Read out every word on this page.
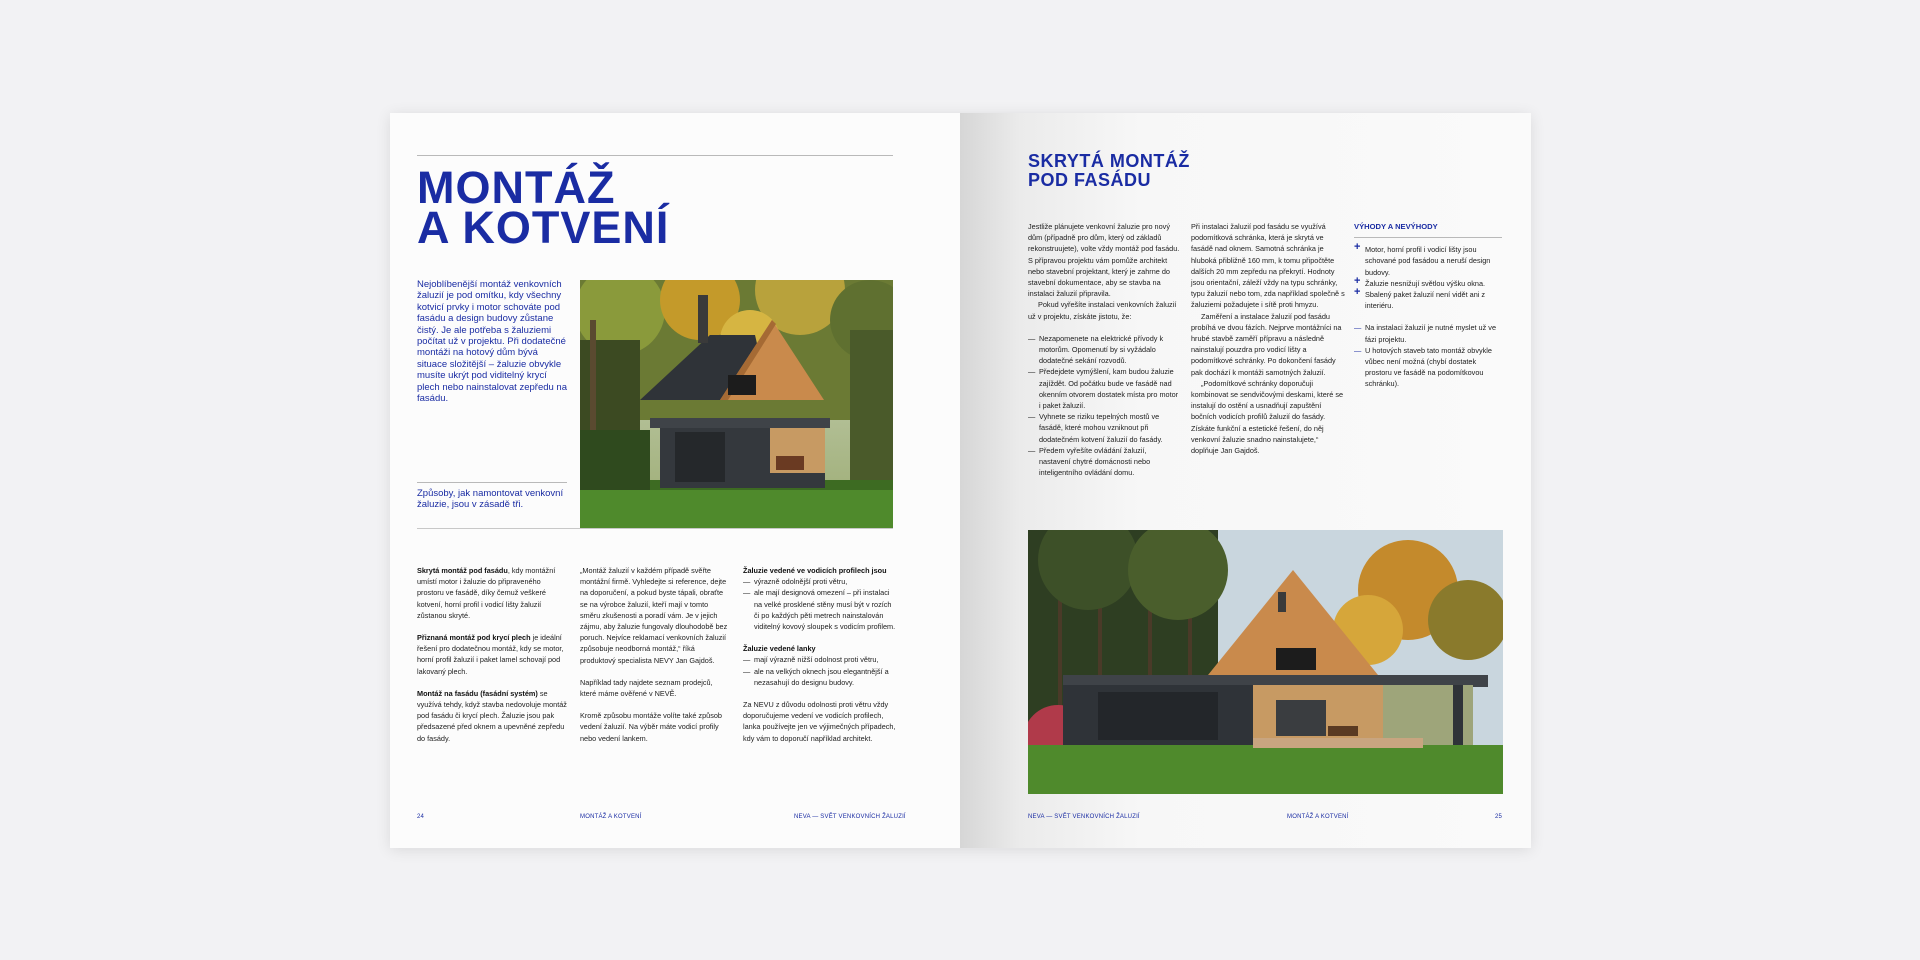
MONTÁŽ
A KOTVENÍ
Nejoblíbenější montáž venkovních žaluzií je pod omítku, kdy všechny kotvicí prvky i motor schováte pod fasádu a design budovy zůstane čistý. Je ale potřeba s žaluziemi počítat už v projektu. Při dodatečné montáži na hotový dům bývá situace složitější – žaluzie obvykle musíte ukrýt pod viditelný krycí plech nebo nainstalovat zepředu na fasádu.
Způsoby, jak namontovat venkovní žaluzie, jsou v zásadě tři.

Skrytá montáž pod fasádu, kdy montážní umístí motor i žaluzie do připraveného prostoru ve fasádě, díky čemuž veškeré kotvení, horní profil i vodicí lišty žaluzií zůstanou skryté.

Přiznaná montáž pod krycí plech je ideální řešení pro dodatečnou montáž, kdy se motor, horní profil žaluzií i paket lamel schovají pod lakovaný plech.

Montáž na fasádu (fasádní systém) se využívá tehdy, když stavba nedovoluje montáž pod fasádu či krycí plech. Žaluzie jsou pak předsazené před oknem a upevněné zepředu do fasády.

„Montáž žaluzií v každém případě svěřte montážní firmě. Vyhledejte si reference, dejte na doporučení, a pokud byste tápali, obraťte se na výrobce žaluzií, kteří mají v tomto směru zkušenosti a poradí vám. Je v jejich zájmu, aby žaluzie fungovaly dlouhodobě bez poruch. Nejvíce reklamací venkovních žaluzií způsobuje neodborná montáž,“ říká produktový specialista NEVY Jan Gajdoš.

Například tady najdete seznam prodejců, které máme ověřené v NEVĚ.

Kromě způsobu montáže volíte také způsob vedení žaluzií. Na výběr máte vodicí profily nebo vedení lankem.

Žaluzie vedené ve vodicích profilech jsou
— výrazně odolnější proti větru,
— ale mají designová omezení – při instalaci na velké prosklené stěny musí být v rozích či po každých pěti metrech nainstalován viditelný kovový sloupek s vodicím profilem.
Žaluzie vedené lanky
— mají výrazně nižší odolnost proti větru,
— ale na velkých oknech jsou elegantnější a nezasahují do designu budovy.

Za NEVU z důvodu odolnosti proti větru vždy doporučujeme vedení ve vodicích profilech, lanka používejte jen ve výjimečných případech, kdy vám to doporučí například architekt.

24	MONTÁŽ A KOTVENÍ	NEVA — SVĚT VENKOVNÍCH ŽALUZIÍ
SKRYTÁ MONTÁŽ
POD FASÁDU

Jestliže plánujete venkovní žaluzie pro nový dům (případně pro dům, který od základů rekonstruujete), volte vždy montáž pod fasádu. S přípravou projektu vám pomůže architekt nebo stavební projektant, který je zahrne do stavební dokumentace, aby se stavba na instalaci žaluzií připravila.

Pokud vyřešíte instalaci venkovních žaluzií už v projektu, získáte jistotu, že:

— Nezapomenete na elektrické přívody k motorům. Opomenutí by si vyžádalo dodatečné sekání rozvodů.
— Předejdete vymýšlení, kam budou žaluzie zajíždět. Od počátku bude ve fasádě nad okenním otvorem dostatek místa pro motor i paket žaluzií.
— Vyhnete se riziku tepelných mostů ve fasádě, které mohou vzniknout při dodatečném kotvení žaluzií do fasády.
— Předem vyřešíte ovládání žaluzií, nastavení chytré domácnosti nebo inteligentního ovládání domu.

Při instalaci žaluzií pod fasádu se využívá podomítková schránka, která je skrytá ve fasádě nad oknem. Samotná schránka je hluboká přibližně 160 mm, k tomu připočtěte dalších 20 mm zepředu na překrytí. Hodnoty jsou orientační, záleží vždy na typu schránky, typu žaluzií nebo tom, zda například společně s žaluziemi požadujete i sítě proti hmyzu.

Zaměření a instalace žaluzií pod fasádu probíhá ve dvou fázích. Nejprve montážníci na hrubé stavbě zaměří přípravu a následně nainstalují pouzdra pro vodicí lišty a podomítkové schránky. Po dokončení fasády pak dochází k montáži samotných žaluzií.

„Podomítkové schránky doporučuji kombinovat se sendvičovými deskami, které se instalují do ostění a usnadňují zapuštění bočních vodicích profilů žaluzií do fasády. Získáte funkční a estetické řešení, do něj venkovní žaluzie snadno nainstalujete,“ doplňuje Jan Gajdoš.

VÝHODY A NEVÝHODY
+ Motor, horní profil i vodicí lišty jsou schované pod fasádou a neruší design budovy.
+ Žaluzie nesnižují světlou výšku okna.
+ Sbalený paket žaluzií není vidět ani z interiéru.
— Na instalaci žaluzií je nutné myslet už ve fázi projektu.
— U hotových staveb tato montáž obvykle vůbec není možná (chybí dostatek prostoru ve fasádě na podomítkovou schránku).
NEVA — SVĚT VENKOVNÍCH ŽALUZIÍ	MONTÁŽ A KOTVENÍ	25
